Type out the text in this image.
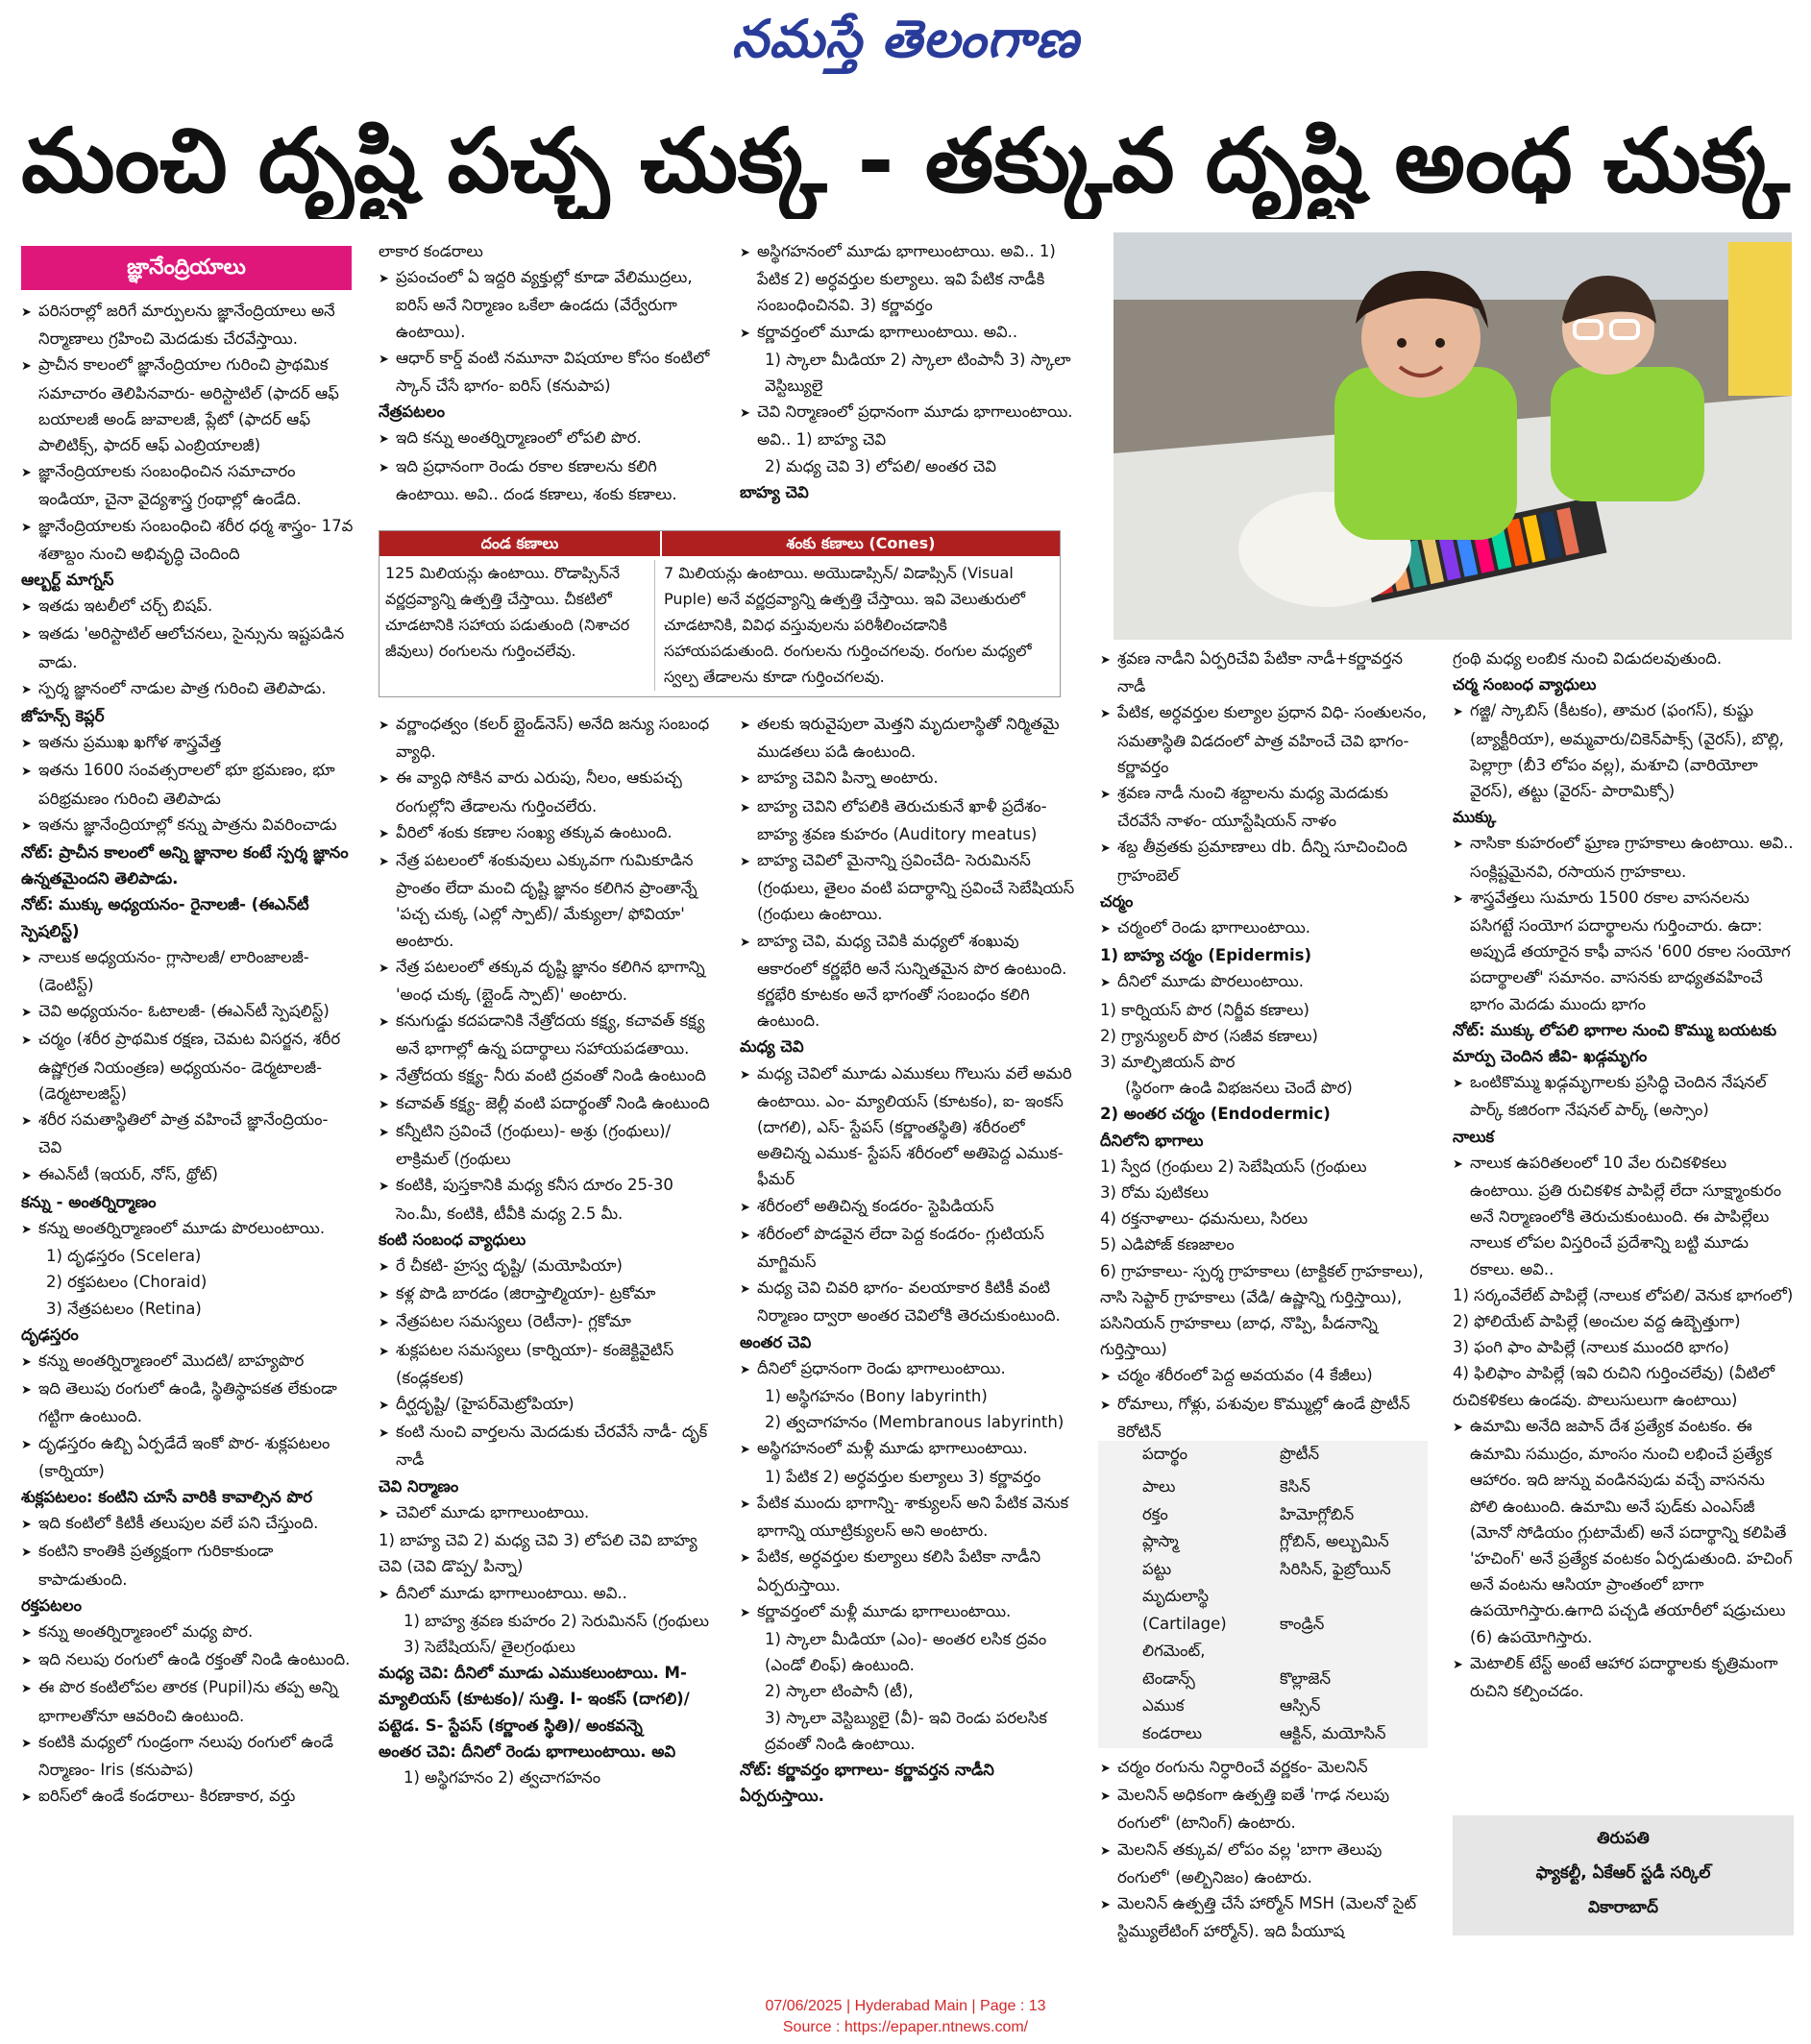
నమస్తే తెలంగాణ
మంచి దృష్టి పచ్చ చుక్క - తక్కువ దృష్టి అంధ చుక్క
జ్ఞానేంద్రియాలు

➤ పరిసరాల్లో జరిగే మార్పులను జ్ఞానేంద్రియాలు అనే నిర్మాణాలు గ్రహించి మెదడుకు చేరవేస్తాయి.

➤ ప్రాచీన కాలంలో జ్ఞానేంద్రియాల గురించి ప్రాథమిక సమాచారం తెలిపినవారు- అరిస్టాటిల్ (ఫాదర్ ఆఫ్ బయాలజీ అండ్ జువాలజీ, ప్లేటో (ఫాదర్ ఆఫ్ పాలిటిక్స్, ఫాదర్ ఆఫ్ ఎంబ్రియాలజీ)

➤ జ్ఞానేంద్రియాలకు సంబంధించిన సమాచారం ఇండియా, చైనా వైద్యశాస్త్ర గ్రంథాల్లో ఉండేది.

➤ జ్ఞానేంద్రియాలకు సంబంధించి శరీర ధర్మ శాస్త్రం- 17వ శతాబ్దం నుంచి అభివృద్ధి చెందింది

ఆల్బర్ట్ మాగ్నస్

➤ ఇతడు ఇటలీలో చర్చ్ బిషప్.

➤ ఇతడు 'అరిస్టాటిల్ ఆలోచనలు, సైన్సును ఇష్టపడిన వాడు.

➤ స్పర్శ జ్ఞానంలో నాడుల పాత్ర గురించి తెలిపాడు.

జోహన్స్ కెప్లర్

➤ ఇతను ప్రముఖ ఖగోళ శాస్త్రవేత్త

➤ ఇతను 1600 సంవత్సరాలలో భూ భ్రమణం, భూ పరిభ్రమణం గురించి తెలిపాడు

➤ ఇతను జ్ఞానేంద్రియాల్లో కన్ను పాత్రను వివరించాడు

నోట్: ప్రాచీన కాలంలో అన్ని జ్ఞానాల కంటే స్పర్శ జ్ఞానం ఉన్నతమైందని తెలిపాడు.

నోట్: ముక్కు అధ్యయనం- రైనాలజీ- (ఈఎన్‌టీ స్పెషలిస్ట్)

➤ నాలుక అధ్యయనం- గ్లాసాలజీ/ లారింజాలజీ- (డెంటిస్ట్)

➤ చెవి అధ్యయనం- ఓటాలజీ- (ఈఎన్‌టీ స్పెషలిస్ట్)

➤ చర్మం (శరీర ప్రాథమిక రక్షణ, చెమట విసర్జన, శరీర ఉష్ణోగ్రత నియంత్రణ) అధ్యయనం- డెర్మటాలజీ- (డెర్మటాలజిస్ట్)

➤ శరీర సమతాస్థితిలో పాత్ర వహించే జ్ఞానేంద్రియం- చెవి

➤ ఈఎన్‌టీ (ఇయర్, నోస్, థ్రోట్)

కన్ను - అంతర్నిర్మాణం

➤ కన్ను అంతర్నిర్మాణంలో మూడు పొరలుంటాయి.

1) దృఢస్తరం (Scelera)

2) రక్తపటలం (Choraid)

3) నేత్రపటలం (Retina)

దృఢస్తరం

➤ కన్ను అంతర్నిర్మాణంలో మొదటి/ బాహ్యపొర

➤ ఇది తెలుపు రంగులో ఉండి, స్థితిస్థాపకత లేకుండా గట్టిగా ఉంటుంది.

➤ దృఢస్తరం ఉబ్బి ఏర్పడేదే ఇంకో పొర- శుక్లపటలం (కార్నియా)

శుక్లపటలం: కంటిని చూసే వారికి కావాల్సిన పొర

➤ ఇది కంటిలో కిటికీ తలుపుల వలే పని చేస్తుంది.

➤ కంటిని కాంతికి ప్రత్యక్షంగా గురికాకుండా కాపాడుతుంది.

రక్తపటలం

➤ కన్ను అంతర్నిర్మాణంలో మధ్య పొర.

➤ ఇది నలుపు రంగులో ఉండి రక్తంతో నిండి ఉంటుంది.

➤ ఈ పొర కంటిలోపల తారక (Pupil)ను తప్ప అన్ని భాగాలతోనూ ఆవరించి ఉంటుంది.

➤ కంటికి మధ్యలో గుండ్రంగా నలుపు రంగులో ఉండే నిర్మాణం- Iris (కనుపాప)

➤ ఐరిస్‌లో ఉండే కండరాలు- కిరణాకార, వర్తు

లాకార కండరాలు

➤ ప్రపంచంలో ఏ ఇద్దరి వ్యక్తుల్లో కూడా వేలిముద్రలు, ఐరిస్ అనే నిర్మాణం ఒకేలా ఉండదు (వేర్వేరుగా ఉంటాయి).

➤ ఆధార్ కార్డ్ వంటి నమూనా విషయాల కోసం కంటిలో స్కాన్ చేసే భాగం- ఐరిస్ (కనుపాప)

నేత్రపటలం

➤ ఇది కన్ను అంతర్నిర్మాణంలో లోపలి పొర.

➤ ఇది ప్రధానంగా రెండు రకాల కణాలను కలిగి ఉంటాయి. అవి.. దండ కణాలు, శంకు కణాలు.

దండ కణాలు	శంకు కణాలు (Cones)
125 మిలియన్లు ఉంటాయి. రొడాప్సిన్‌నే వర్ణద్రవ్యాన్ని ఉత్పత్తి చేస్తాయి. చీకటిలో చూడటానికి సహాయ పడుతుంది (నిశాచర జీవులు) రంగులను గుర్తించలేవు.
7 మిలియన్లు ఉంటాయి. అయొడాప్సిన్/ విడాప్సిన్ (Visual Puple) అనే వర్ణద్రవ్యాన్ని ఉత్పత్తి చేస్తాయి. ఇవి వెలుతురులో చూడటానికి, వివిధ వస్తువులను పరిశీలించడానికి సహాయపడుతుంది. రంగులను గుర్తించగలవు. రంగుల మధ్యలో స్వల్ప తేడాలను కూడా గుర్తించగలవు.

➤ వర్ణాంధత్వం (కలర్ బ్లైండ్‌నెస్) అనేది జన్యు సంబంధ వ్యాధి.

➤ ఈ వ్యాధి సోకిన వారు ఎరుపు, నీలం, ఆకుపచ్చ రంగుల్లోని తేడాలను గుర్తించలేరు.

➤ వీరిలో శంకు కణాల సంఖ్య తక్కువ ఉంటుంది.

➤ నేత్ర పటలంలో శంకువులు ఎక్కువగా గుమికూడిన ప్రాంతం లేదా మంచి దృష్టి జ్ఞానం కలిగిన ప్రాంతాన్నే 'పచ్చ చుక్క (ఎల్లో స్పాట్)/ మేక్యులా/ ఫోవియా' అంటారు.

➤ నేత్ర పటలంలో తక్కువ దృష్టి జ్ఞానం కలిగిన భాగాన్ని 'అంధ చుక్క (బ్లైండ్ స్పాట్)' అంటారు.

➤ కనుగుడ్డు కదపడానికి నేత్రోదయ కక్ష్య, కచావత్ కక్ష్య అనే భాగాల్లో ఉన్న పదార్థాలు సహాయపడతాయి.

➤ నేత్రోదయ కక్ష్య- నీరు వంటి ద్రవంతో నిండి ఉంటుంది

➤ కచావత్ కక్ష్య- జెల్లీ వంటి పదార్థంతో నిండి ఉంటుంది

➤ కన్నీటిని స్రవించే (గ్రంథులు)- అశ్రు (గ్రంథులు)/ లాక్రిమల్ (గ్రంథులు

➤ కంటికి, పుస్తకానికి మధ్య కనీస దూరం 25-30 సెం.మీ, కంటికి, టీవీకి మధ్య 2.5 మీ.

కంటి సంబంధ వ్యాధులు

➤ రే చీకటి- హ్రస్వ దృష్టి/ (మయోపియా)

➤ కళ్ల పొడి బారడం (జిరాప్తాల్మియా)- ట్రకోమా

➤ నేత్రపటల సమస్యలు (రెటీనా)- గ్లకోమా

➤ శుక్లపటల సమస్యలు (కార్నియా)- కంజెక్టివైటిస్ (కండ్లకలక)

➤ దీర్ఘదృష్టి/ (హైపర్‌మెట్రోపియా)

➤ కంటి నుంచి వార్తలను మెదడుకు చేరవేసే నాడీ- దృక్ నాడీ

చెవి నిర్మాణం

➤ చెవిలో మూడు భాగాలుంటాయి.

1) బాహ్య చెవి 2) మధ్య చెవి 3) లోపలి చెవి బాహ్య చెవి (చెవి డొప్ప/ పిన్నా)

➤ దీనిలో మూడు భాగాలుంటాయి. అవి..

1) బాహ్య శ్రవణ కుహరం 2) సెరుమినస్ (గ్రంథులు 3) సెబేషియస్/ తైలగ్రంథులు

మధ్య చెవి: దీనిలో మూడు ఎముకలుంటాయి. M- మ్యాలియస్ (కూటకం)/ సుత్తి. I- ఇంకస్ (దాగలి)/ పట్టెడ. S- స్టేపస్ (కర్ణాంత స్థితి)/ అంకవన్నె

అంతర చెవి: దీనిలో రెండు భాగాలుంటాయి. అవి

1) అస్థిగహనం 2) త్వచాగహనం

➤ అస్థిగహనంలో మూడు భాగాలుంటాయి. అవి.. 1) పేటిక 2) అర్ధవర్తుల కుల్యాలు. ఇవి పేటిక నాడీకి సంబంధించినవి. 3) కర్ణావర్తం

➤ కర్ణావర్తంలో మూడు భాగాలుంటాయి. అవి..

1) స్కాలా మీడియా 2) స్కాలా టింపానీ 3) స్కాలా వెస్టిబ్యులై

➤ చెవి నిర్మాణంలో ప్రధానంగా మూడు భాగాలుంటాయి. అవి.. 1) బాహ్య చెవి

2) మధ్య చెవి 3) లోపలి/ అంతర చెవి

బాహ్య చెవి

➤ తలకు ఇరువైపులా మెత్తని మృదులాస్థితో నిర్మితమై ముడతలు పడి ఉంటుంది.

➤ బాహ్య చెవిని పిన్నా అంటారు.

➤ బాహ్య చెవిని లోపలికి తెరుచుకునే ఖాళీ ప్రదేశం- బాహ్య శ్రవణ కుహరం (Auditory meatus)

➤ బాహ్య చెవిలో మైనాన్ని స్రవించేది- సెరుమినస్ (గ్రంథులు, తైలం వంటి పదార్థాన్ని స్రవించే సెబేషియస్ (గ్రంథులు ఉంటాయి.

➤ బాహ్య చెవి, మధ్య చెవికి మధ్యలో శంఖువు ఆకారంలో కర్ణభేరి అనే సున్నితమైన పొర ఉంటుంది. కర్ణభేరి కూటకం అనే భాగంతో సంబంధం కలిగి ఉంటుంది.

మధ్య చెవి

➤ మధ్య చెవిలో మూడు ఎముకలు గొలుసు వలే అమరి ఉంటాయి. ఎం- మ్యాలియస్ (కూటకం), ఐ- ఇంకస్ (దాగలి), ఎస్- స్టేపస్ (కర్ణాంతస్థితి) శరీరంలో అతిచిన్న ఎముక- స్టేపస్ శరీరంలో అతిపెద్ద ఎముక- ఫీమర్

➤ శరీరంలో అతిచిన్న కండరం- స్టెపిడియస్

➤ శరీరంలో పొడవైన లేదా పెద్ద కండరం- గ్లుటియస్ మాగ్జిమస్

➤ మధ్య చెవి చివరి భాగం- వలయాకార కిటికీ వంటి నిర్మాణం ద్వారా అంతర చెవిలోకి తెరచుకుంటుంది.

అంతర చెవి

➤ దీనిలో ప్రధానంగా రెండు భాగాలుంటాయి.

1) అస్థిగహనం (Bony labyrinth)

2) త్వచాగహనం (Membranous labyrinth)

➤ అస్థిగహనంలో మళ్లీ మూడు భాగాలుంటాయి.

1) పేటిక 2) అర్ధవర్తుల కుల్యాలు 3) కర్ణావర్తం

➤ పేటిక ముందు భాగాన్ని- శాక్యులస్ అని పేటిక వెనుక భాగాన్ని యూట్రిక్యులస్ అని అంటారు.

➤ పేటిక, అర్ధవర్తుల కుల్యాలు కలిసి పేటికా నాడీని ఏర్పరుస్తాయి.

➤ కర్ణావర్తంలో మళ్లీ మూడు భాగాలుంటాయి.

1) స్కాలా మీడియా (ఎం)- అంతర లసిక ద్రవం (ఎండో లింఫ్) ఉంటుంది.

2) స్కాలా టింపానీ (టీ),

3) స్కాలా వెస్టిబ్యులై (వీ)- ఇవి రెండు పరలసిక ద్రవంతో నిండి ఉంటాయి.

నోట్: కర్ణావర్తం భాగాలు- కర్ణావర్తన నాడీని ఏర్పరుస్తాయి.

➤ శ్రవణ నాడీని ఏర్పరిచేవి పేటికా నాడీ+కర్ణావర్తన నాడీ

➤ పేటిక, అర్ధవర్తుల కుల్యాల ప్రధాన విధి- సంతులనం, సమతాస్థితి విడదంలో పాత్ర వహించే చెవి భాగం- కర్ణావర్తం

➤ శ్రవణ నాడీ నుంచి శబ్దాలను మధ్య మెదడుకు చేరవేసే నాళం- యూస్టేషియన్ నాళం

➤ శబ్ద తీవ్రతకు ప్రమాణాలు db. దీన్ని సూచించింది గ్రాహంబెల్

చర్మం

➤ చర్మంలో రెండు భాగాలుంటాయి.

1) బాహ్య చర్మం (Epidermis)

➤ దీనిలో మూడు పొరలుంటాయి.

1) కార్నియస్ పొర (నిర్జీవ కణాలు)

2) గ్ర్యాన్యులర్ పొర (సజీవ కణాలు)

3) మాల్ఫిజియన్ పొర

(స్థిరంగా ఉండి విభజనలు చెందే పొర)

2) అంతర చర్మం (Endodermic)

దీనిలోని భాగాలు

1) స్వేద (గ్రంథులు 2) సెబేషియస్ (గ్రంథులు

3) రోమ పుటికలు

4) రక్తనాళాలు- ధమనులు, సిరలు

5) ఎడిపోజ్ కణజాలం

6) గ్రాహకాలు- స్పర్శ గ్రాహకాలు (టాక్టికల్ గ్రాహకాలు), నాసి సెప్టార్ గ్రాహకాలు (వేడి/ ఉష్ణాన్ని గుర్తిస్తాయి), పసినియన్ గ్రాహకాలు (బాధ, నొప్పి, పీడనాన్ని గుర్తిస్తాయి)

➤ చర్మం శరీరంలో పెద్ద అవయవం (4 కేజీలు)

➤ రోమాలు, గోళ్లు, పశువుల కొమ్ముల్లో ఉండే ప్రొటీన్ కెరోటిన్

పదార్థం	ప్రొటీన్
పాలు	కెసిన్
రక్తం	హిమోగ్లోబిన్
ప్లాస్మా	గ్లోబిన్, అల్బుమిన్
పట్టు	సిరిసిన్, ఫైబ్రోయిన్
మృదులాస్థి
(Cartilage)	కాండ్రిన్
లిగమెంట్,
టెండాన్స్	కొల్లాజెన్
ఎముక	ఆస్సిన్
కండరాలు	ఆక్టిన్, మయోసిన్

➤ చర్మం రంగును నిర్ధారించే వర్ణకం- మెలనిన్

➤ మెలనిన్ అధికంగా ఉత్పత్తి ఐతే 'గాఢ నలుపు రంగులో' (టానింగ్) ఉంటారు.

➤ మెలనిన్ తక్కువ/ లోపం వల్ల 'బాగా తెలుపు రంగులో' (అల్బినిజం) ఉంటారు.

➤ మెలనిన్ ఉత్పత్తి చేసే హార్మోన్ MSH (మెలనో సైట్ స్టిమ్యులేటింగ్ హార్మోన్). ఇది పీయూష

గ్రంథి మధ్య లంబిక నుంచి విడుదలవుతుంది.

చర్మ సంబంధ వ్యాధులు

➤ గజ్జి/ స్కాబిస్ (కీటకం), తామర (ఫంగస్), కుష్టు (బ్యాక్టీరియా), అమ్మవారు/చికెన్‌పాక్స్ (వైరస్), బొల్లి, పెల్లాగ్రా (బీ3 లోపం వల్ల), మశూచి (వారియోలా వైరస్), తట్టు (వైరస్- పారామిక్సో)

ముక్కు

➤ నాసికా కుహరంలో ఘ్రాణ గ్రాహకాలు ఉంటాయి. అవి.. సంక్లిష్టమైనవి, రసాయన గ్రాహకాలు.

➤ శాస్త్రవేత్తలు సుమారు 1500 రకాల వాసనలను పసిగట్టే సంయోగ పదార్థాలను గుర్తించారు. ఉదా: అప్పుడే తయారైన కాఫీ వాసన '600 రకాల సంయోగ పదార్థాలతో' సమానం. వాసనకు బాధ్యతవహించే భాగం మెదడు ముందు భాగం

నోట్: ముక్కు లోపలి భాగాల నుంచి కొమ్ము బయటకు మార్పు చెందిన జీవి- ఖడ్గమృగం

➤ ఒంటికొమ్ము ఖడ్గమృగాలకు ప్రసిద్ధి చెందిన నేషనల్ పార్క్ కజిరంగా నేషనల్ పార్క్ (అస్సాం)

నాలుక

➤ నాలుక ఉపరితలంలో 10 వేల రుచికళికలు ఉంటాయి. ప్రతి రుచికళిక పాపిల్లే లేదా సూక్ష్మాంకురం అనే నిర్మాణంలోకి తెరుచుకుంటుంది. ఈ పాపిల్లేలు నాలుక లోపల విస్తరించే ప్రదేశాన్ని బట్టి మూడు రకాలు. అవి..

1) సర్కంవేలేట్ పాపిల్లే (నాలుక లోపలి/ వెనుక భాగంలో)

2) ఫోలియేట్ పాపిల్లే (అంచుల వద్ద ఉబ్బెత్తుగా)

3) ఫంగి ఫాం పాపిల్లే (నాలుక ముందరి భాగం)

4) ఫిలిఫాం పాపిల్లే (ఇవి రుచిని గుర్తించలేవు) (వీటిలో రుచికళికలు ఉండవు. పొలుసులుగా ఉంటాయి)

➤ ఉమామి అనేది జపాన్ దేశ ప్రత్యేక వంటకం. ఈ ఉమామి సముద్రం, మాంసం నుంచి లభించే ప్రత్యేక ఆహారం. ఇది జున్ను వండినపుడు వచ్చే వాసనను పోలి ఉంటుంది. ఉమామి అనే పుడ్‌కు ఎంఎస్‌జీ (మోనో సోడియం గ్లుటామేట్) అనే పదార్థాన్ని కలిపితే 'హచింగ్' అనే ప్రత్యేక వంటకం ఏర్పడుతుంది. హచింగ్ అనే వంటను ఆసియా ప్రాంతంలో బాగా ఉపయోగిస్తారు.ఉగాది పచ్చడి తయారీలో షడ్రుచులు (6) ఉపయోగిస్తారు.

➤ మెటాలిక్ టేస్ట్ అంటే ఆహార పదార్థాలకు కృత్రిమంగా రుచిని కల్పించడం.

తిరుపతి
ఫ్యాకల్టీ, ఏకేఆర్ స్టడీ సర్కిల్
వికారాబాద్
07/06/2025 | Hyderabad Main | Page : 13
Source : https://epaper.ntnews.com/
